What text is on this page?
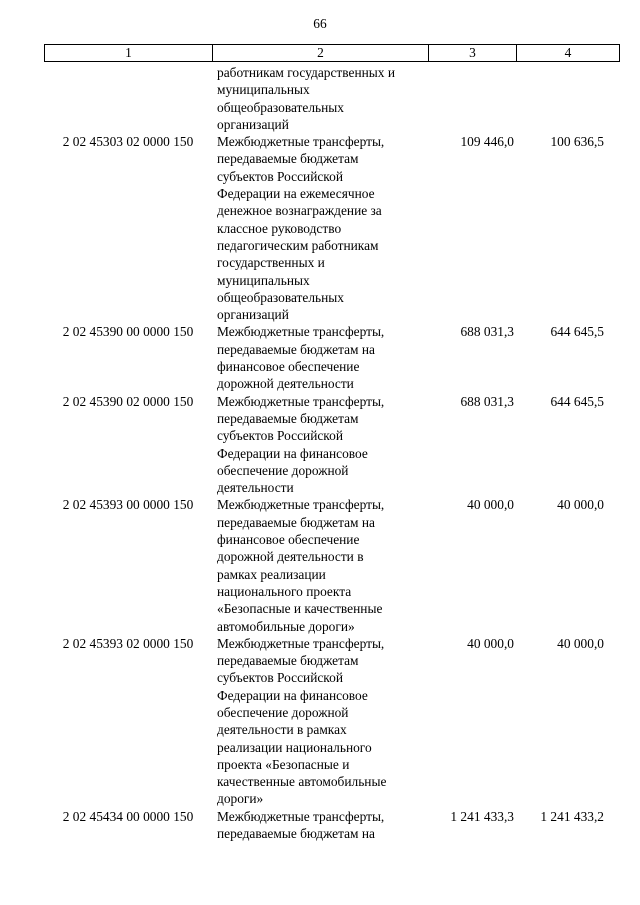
66
1	2	3	4
работникам государственных и
муниципальных
общеобразовательных
организаций
2 02 45303 02 0000 150	Межбюджетные трансферты,
передаваемые бюджетам
субъектов Российской
Федерации на ежемесячное
денежное вознаграждение за
классное руководство
педагогическим работникам
государственных и
муниципальных
общеобразовательных
организаций
109 446,0	100 636,5
2 02 45390 00 0000 150	Межбюджетные трансферты,
передаваемые бюджетам на
финансовое обеспечение
дорожной деятельности
688 031,3	644 645,5
2 02 45390 02 0000 150	Межбюджетные трансферты,
передаваемые бюджетам
субъектов Российской
Федерации на финансовое
обеспечение дорожной
деятельности
688 031,3	644 645,5
2 02 45393 00 0000 150	Межбюджетные трансферты,
передаваемые бюджетам на
финансовое обеспечение
дорожной деятельности в
рамках реализации
национального проекта
«Безопасные и качественные
автомобильные дороги»
40 000,0	40 000,0
2 02 45393 02 0000 150	Межбюджетные трансферты,
передаваемые бюджетам
субъектов Российской
Федерации на финансовое
обеспечение дорожной
деятельности в рамках
реализации национального
проекта «Безопасные и
качественные автомобильные
дороги»
40 000,0	40 000,0
2 02 45434 00 0000 150	Межбюджетные трансферты,
передаваемые бюджетам на
1 241 433,3	1 241 433,2
